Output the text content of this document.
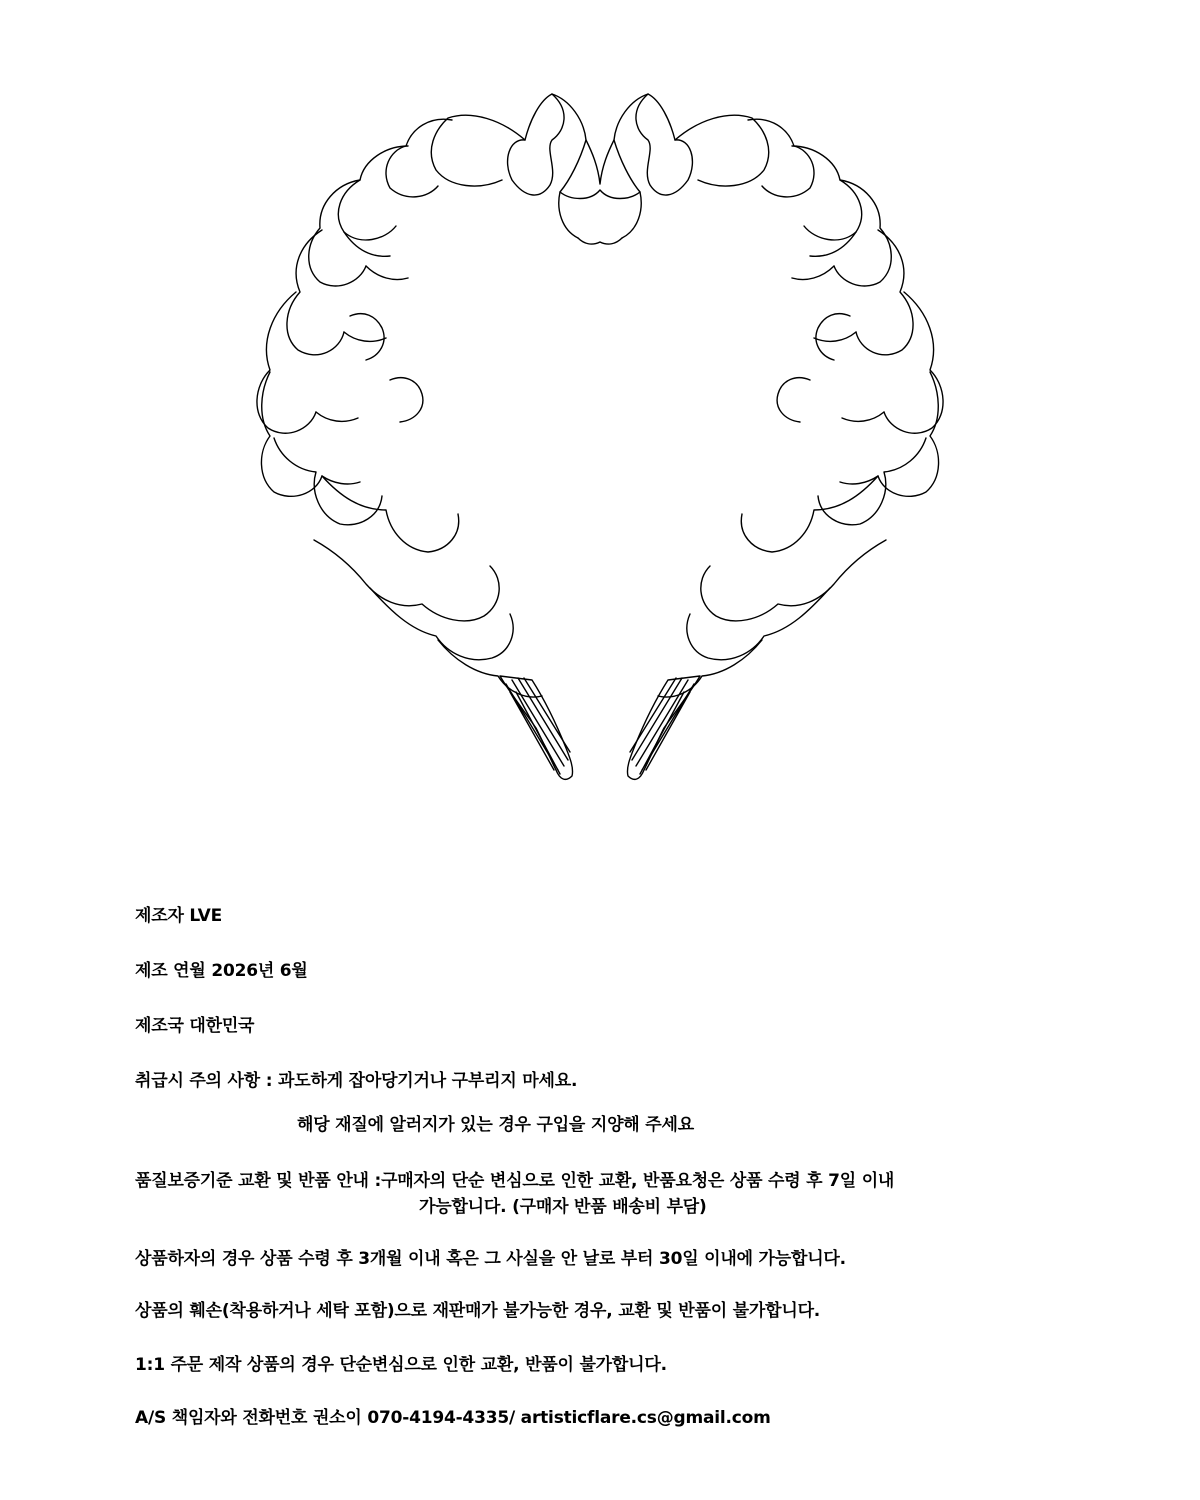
제조자 LVE
제조 연월 2026년 6월
제조국 대한민국
취급시 주의 사항 : 과도하게 잡아당기거나 구부리지 마세요.
해당 재질에 알러지가 있는 경우 구입을 지양해 주세요
품질보증기준 교환 및 반품 안내 :구매자의 단순 변심으로 인한 교환, 반품요청은 상품 수령 후 7일 이내
가능합니다. (구매자 반품 배송비 부담)
상품하자의 경우 상품 수령 후 3개월 이내 혹은 그 사실을 안 날로 부터 30일 이내에 가능합니다.
상품의 훼손(착용하거나 세탁 포함)으로 재판매가 불가능한 경우, 교환 및 반품이 불가합니다.
1:1 주문 제작 상품의 경우 단순변심으로 인한 교환, 반품이 불가합니다.
A/S 책임자와 전화번호 권소이 070-4194-4335/ artisticflare.cs@gmail.com
